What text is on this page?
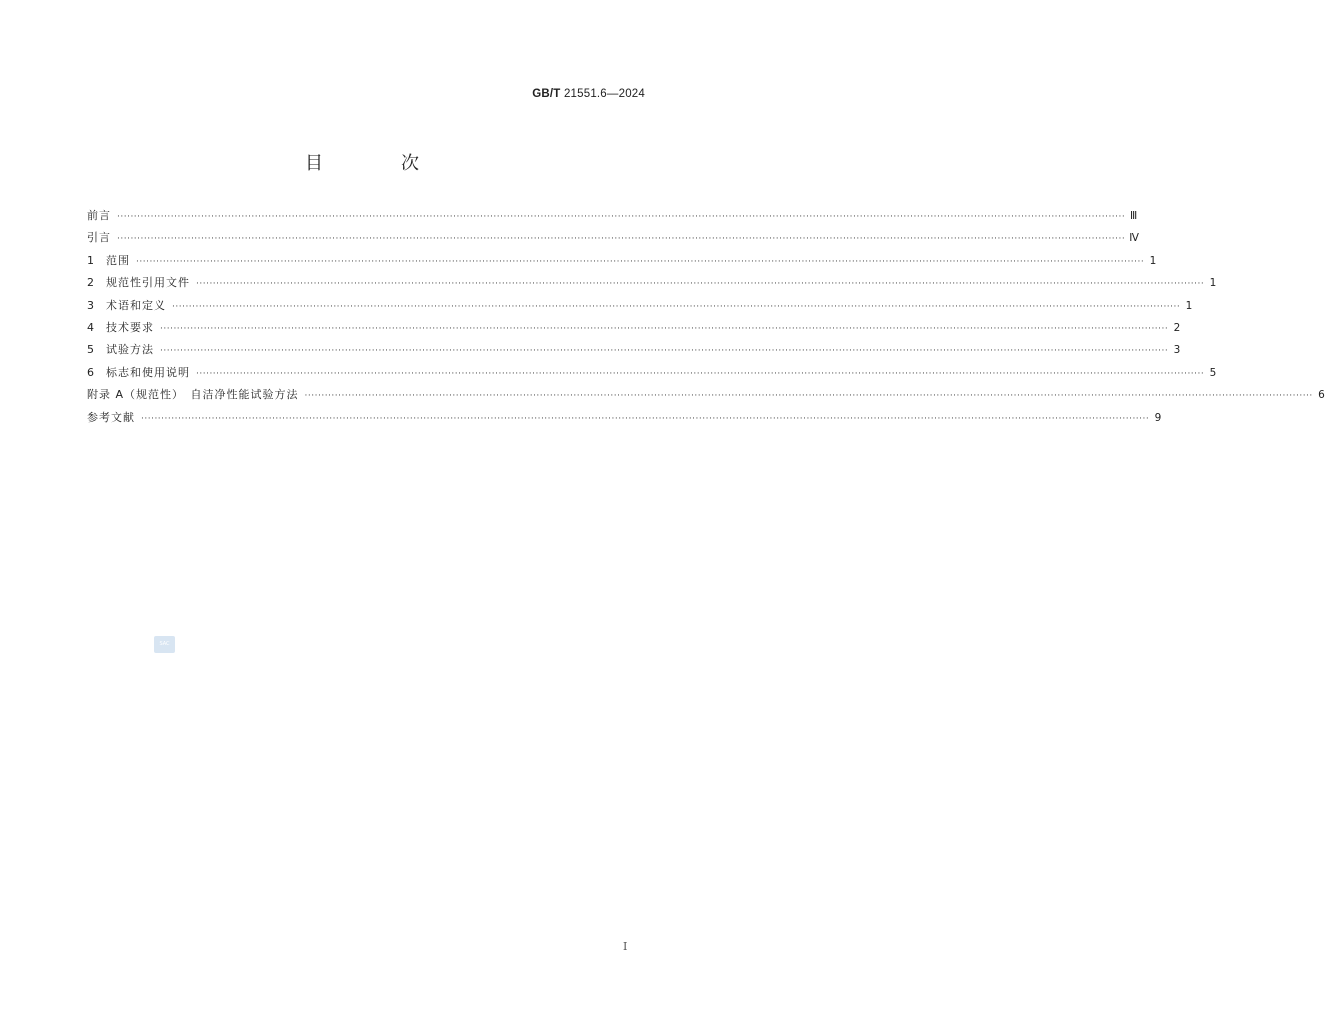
GB/T 21551.6—2024
目　次
前言 ············································································································································································································································································································ Ⅲ
引言 ············································································································································································································································································································ Ⅳ
1 范围 ············································································································································································································································································································ 1
2 规范性引用文件 ············································································································································································································································································································ 1
3 术语和定义 ············································································································································································································································································································ 1
4 技术要求 ············································································································································································································································································································ 2
5 试验方法 ············································································································································································································································································································ 3
6 标志和使用说明 ············································································································································································································································································································ 5
附录 A（规范性）　自洁净性能试验方法 ············································································································································································································································································································ 6
参考文献 ············································································································································································································································································································ 9
SAC
I
